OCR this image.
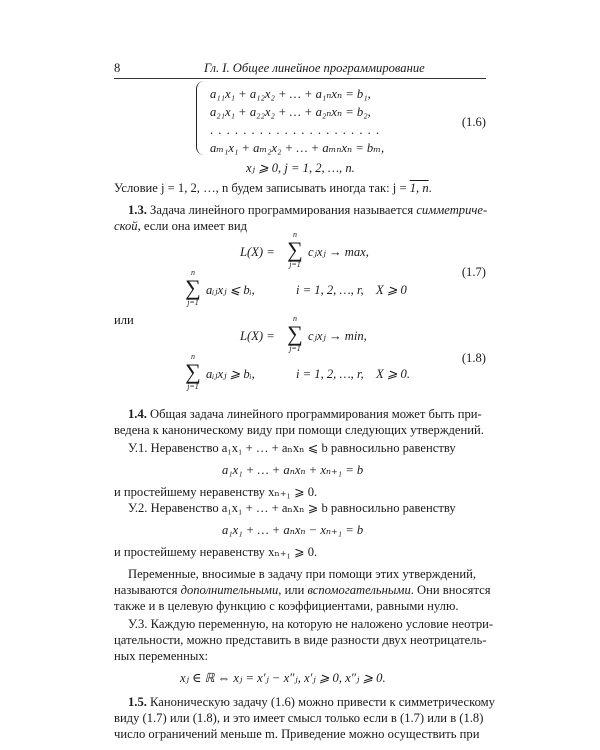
8	Гл. I. Общее линейное программирование
a₁₁x₁ + a₁₂x₂ + … + a₁ₙxₙ = b₁,
a₂₁x₁ + a₂₂x₂ + … + a₂ₙxₙ = b₂,
. . . . . . . . . . . . . . . . . . . . .
aₘ₁x₁ + aₘ₂x₂ + … + aₘₙxₙ = bₘ,
xⱼ ⩾ 0, j = 1, 2, …, n.
(1.6)
Условие j = 1, 2, …, n будем записывать иногда так: j = 1, n.
1.3. Задача линейного программирования называется симметриче-
ской, если она имеет вид
L(X) =
n
∑
j=1
cⱼxⱼ → max,
n
∑
j=1
aᵢⱼxⱼ ⩽ bᵢ,	i = 1, 2, …, r, X ⩾ 0
(1.7)
или
L(X) =
n
∑
j=1
cⱼxⱼ → min,
n
∑
j=1
aᵢⱼxⱼ ⩾ bᵢ,	i = 1, 2, …, r, X ⩾ 0.
(1.8)
1.4. Общая задача линейного программирования может быть при-
ведена к каноническому виду при помощи следующих утверждений.
У.1. Неравенство a₁x₁ + … + aₙxₙ ⩽ b равносильно равенству
a₁x₁ + … + aₙxₙ + xₙ₊₁ = b
и простейшему неравенству xₙ₊₁ ⩾ 0.
У.2. Неравенство a₁x₁ + … + aₙxₙ ⩾ b равносильно равенству
a₁x₁ + … + aₙxₙ − xₙ₊₁ = b
и простейшему неравенству xₙ₊₁ ⩾ 0.
Переменные, вносимые в задачу при помощи этих утверждений,
называются дополнительными, или вспомогательными. Они вносятся
также и в целевую функцию с коэффициентами, равными нулю.
У.3. Каждую переменную, на которую не наложено условие неотри-
цательности, можно представить в виде разности двух неотрицатель-
ных переменных:
xⱼ ∈ ℝ ⇔ xⱼ = x′ⱼ − x″ⱼ, x′ⱼ ⩾ 0, x″ⱼ ⩾ 0.
1.5. Каноническую задачу (1.6) можно привести к симметрическому
виду (1.7) или (1.8), и это имеет смысл только если в (1.7) или в (1.8)
число ограничений меньше m. Приведение можно осуществить при
